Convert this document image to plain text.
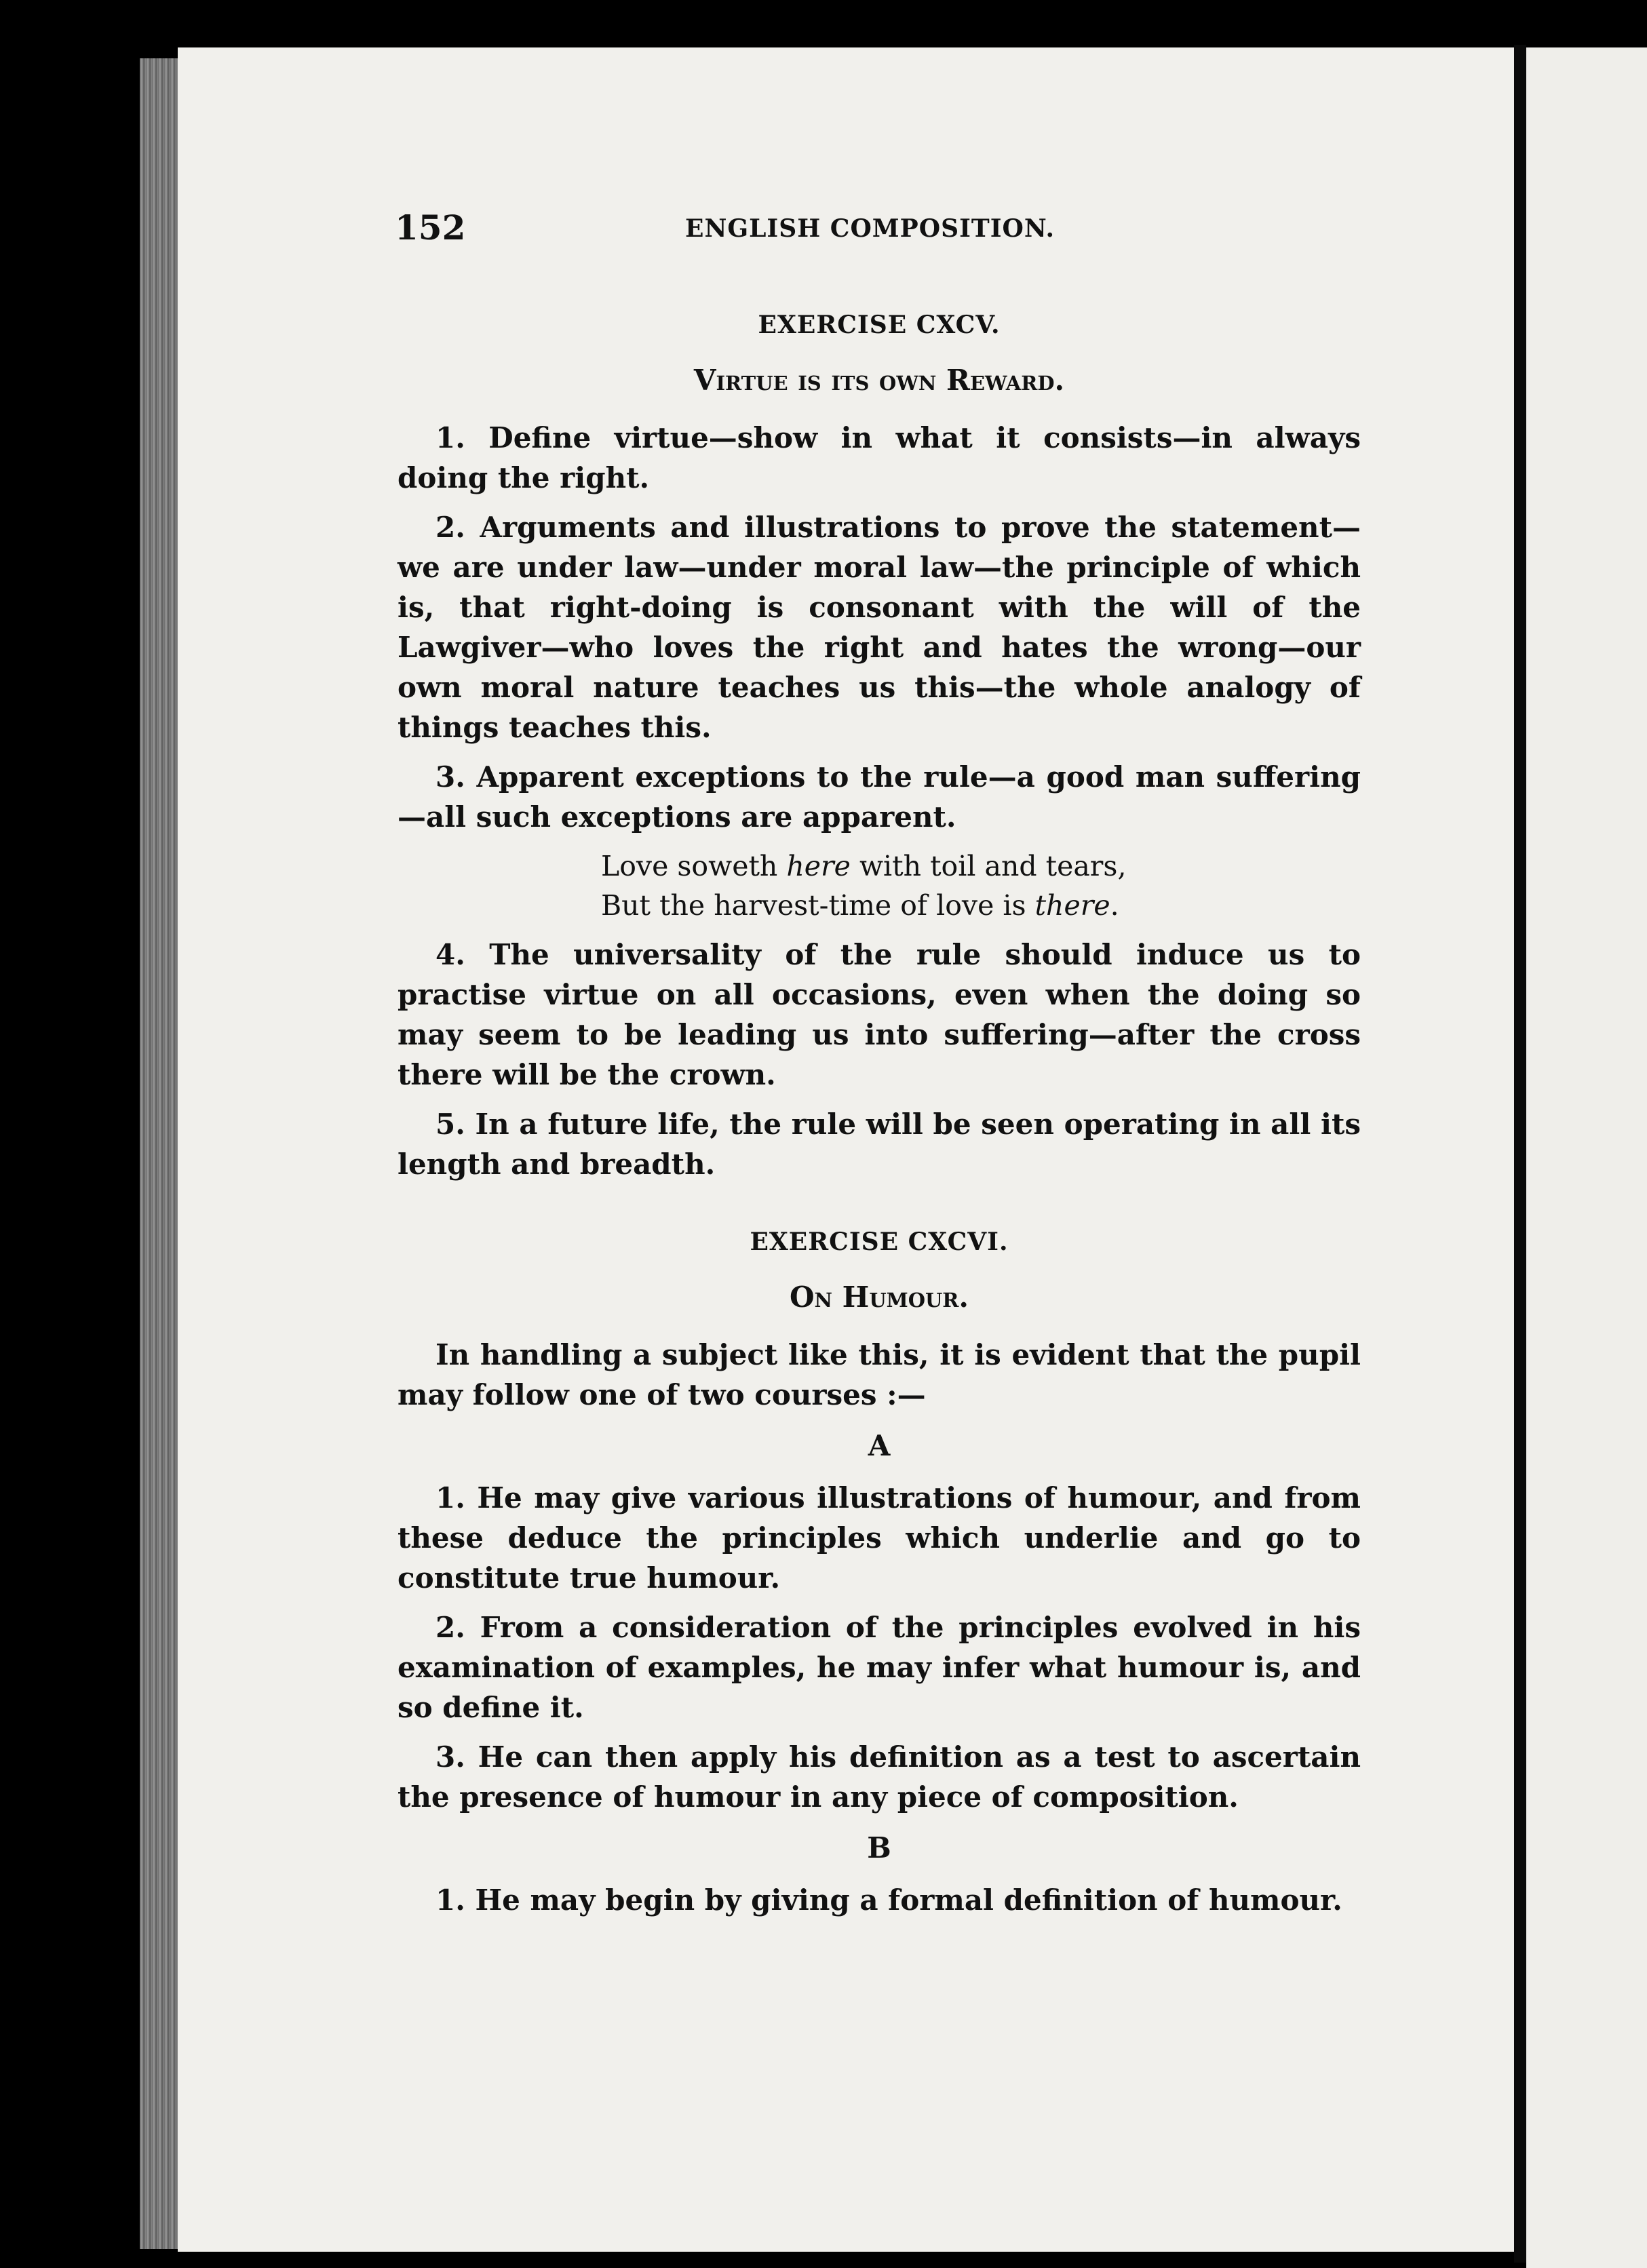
152	ENGLISH COMPOSITION.
EXERCISE CXCV.
Virtue is its own Reward.

1. Define virtue—show in what it consists—in always doing the right.

2. Arguments and illustrations to prove the statement—we are under law—under moral law—the principle of which is, that right-doing is consonant with the will of the Lawgiver—who loves the right and hates the wrong—our own moral nature teaches us this—the whole analogy of things teaches this.

3. Apparent exceptions to the rule—a good man suffering—all such exceptions are apparent.

Love soweth here with toil and tears,
But the harvest-time of love is there.

4. The universality of the rule should induce us to practise virtue on all occasions, even when the doing so may seem to be leading us into suffering—after the cross there will be the crown.

5. In a future life, the rule will be seen operating in all its length and breadth.

EXERCISE CXCVI.
On Humour.

In handling a subject like this, it is evident that the pupil may follow one of two courses :—

A

1. He may give various illustrations of humour, and from these deduce the principles which underlie and go to constitute true humour.

2. From a consideration of the principles evolved in his examination of examples, he may infer what humour is, and so define it.

3. He can then apply his definition as a test to ascertain the presence of humour in any piece of composition.

B

1. He may begin by giving a formal definition of humour.
